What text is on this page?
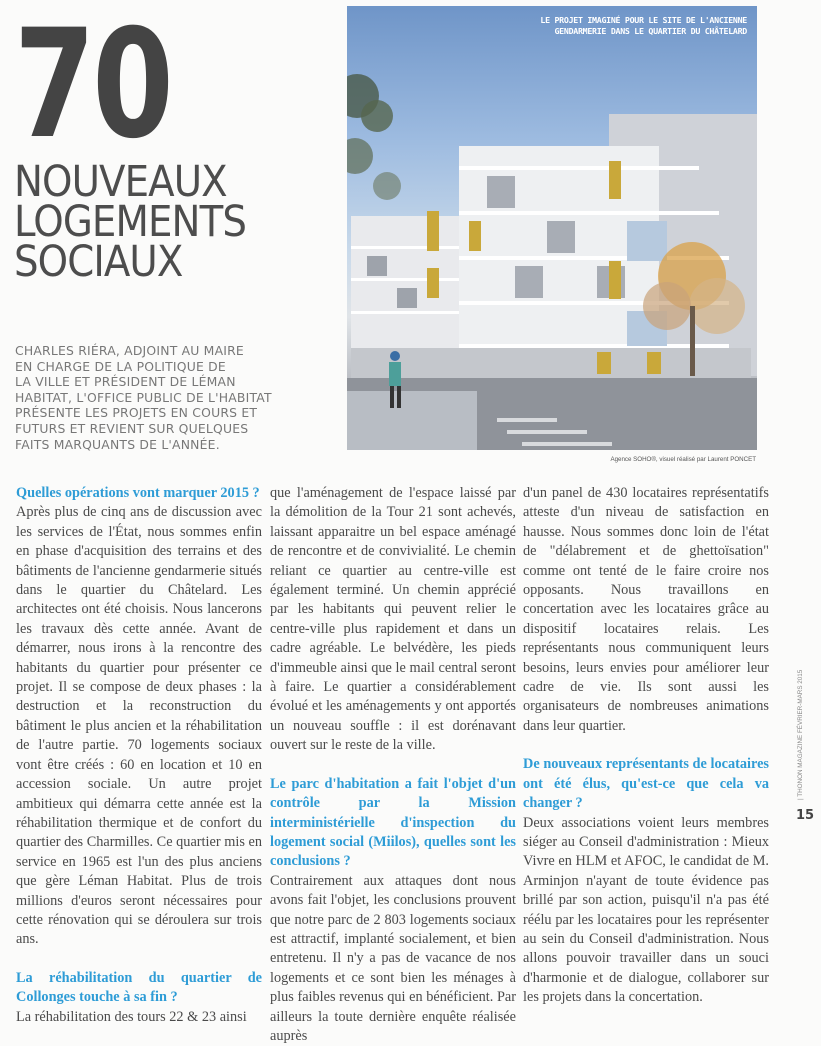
70
NOUVEAUX
LOGEMENTS
SOCIAUX

CHARLES RIÉRA, ADJOINT AU MAIRE

EN CHARGE DE LA POLITIQUE DE

LA VILLE ET PRÉSIDENT DE LÉMAN

HABITAT, L'OFFICE PUBLIC DE L'HABITAT

PRÉSENTE LES PROJETS EN COURS ET

FUTURS ET REVIENT SUR QUELQUES

FAITS MARQUANTS DE L'ANNÉE.

LE PROJET IMAGINÉ POUR LE SITE DE L'ANCIENNE
GENDARMERIE DANS LE QUARTIER DU CHÂTELARD
Agence SOHO®, visuel réalisé par Laurent PONCET
Quelles opérations vont marquer 2015 ?

Après plus de cinq ans de discussion avec les services de l'État, nous sommes enfin en phase d'acquisition des terrains et des bâtiments de l'ancienne gendarmerie situés dans le quartier du Châtelard. Les architectes ont été choisis. Nous lancerons les travaux dès cette année. Avant de démarrer, nous irons à la rencontre des habitants du quartier pour présenter ce projet. Il se compose de deux phases : la destruction et la reconstruction du bâtiment le plus ancien et la réhabilitation de l'autre partie. 70 logements sociaux vont être créés : 60 en location et 10 en accession sociale. Un autre projet ambitieux qui démarra cette année est la réhabilitation thermique et de confort du quartier des Charmilles. Ce quartier mis en service en 1965 est l'un des plus anciens que gère Léman Habitat. Plus de trois millions d'euros seront nécessaires pour cette rénovation qui se déroulera sur trois ans.

La réhabilitation du quartier de Collonges touche à sa fin ?

La réhabilitation des tours 22 & 23 ainsi

que l'aménagement de l'espace laissé par la démolition de la Tour 21 sont achevés, laissant apparaitre un bel espace aménagé de rencontre et de convivialité. Le chemin reliant ce quartier au centre-ville est également terminé. Un chemin apprécié par les habitants qui peuvent relier le centre-ville plus rapidement et dans un cadre agréable. Le belvédère, les pieds d'immeuble ainsi que le mail central seront à faire. Le quartier a considérablement évolué et les aménagements y ont apportés un nouveau souffle : il est dorénavant ouvert sur le reste de la ville.

Le parc d'habitation a fait l'objet d'un contrôle par la Mission interministérielle d'inspection du logement social (Miilos), quelles sont les conclusions ?

Contrairement aux attaques dont nous avons fait l'objet, les conclusions prouvent que notre parc de 2 803 logements sociaux est attractif, implanté socialement, et bien entretenu. Il n'y a pas de vacance de nos logements et ce sont bien les ménages à plus faibles revenus qui en bénéficient. Par ailleurs la toute dernière enquête réalisée auprès

d'un panel de 430 locataires représentatifs atteste d'un niveau de satisfaction en hausse. Nous sommes donc loin de l'état de "délabrement et de ghettoïsation" comme ont tenté de le faire croire nos opposants. Nous travaillons en concertation avec les locataires grâce au dispositif locataires relais. Les représentants nous communiquent leurs besoins, leurs envies pour améliorer leur cadre de vie. Ils sont aussi les organisateurs de nombreuses animations dans leur quartier.

De nouveaux représentants de locataires ont été élus, qu'est-ce que cela va changer ?

Deux associations voient leurs membres siéger au Conseil d'administration : Mieux Vivre en HLM et AFOC, le candidat de M. Arminjon n'ayant de toute évidence pas brillé par son action, puisqu'il n'a pas été réélu par les locataires pour les représenter au sein du Conseil d'administration. Nous allons pouvoir travailler dans un souci d'harmonie et de dialogue, collaborer sur les projets dans la concertation.

| THONON MAGAZINE FÉVRIER-MARS 2015
15
